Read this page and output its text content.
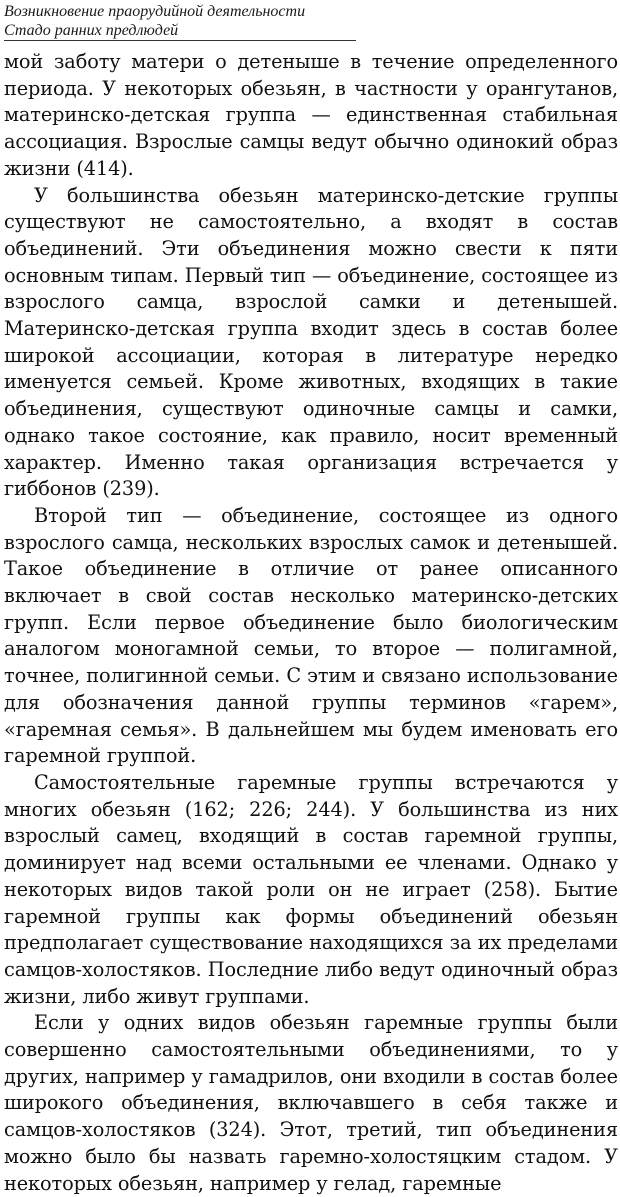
Возникновение праорудийной деятельности
Стадо ранних предлюдей

мой заботу матери о детеныше в течение определенного периода. У некоторых обезьян, в частности у орангутанов, материнско-детская группа — единственная стабильная ассоциация. Взрослые самцы ведут обычно одинокий образ жизни (414).

У большинства обезьян материнско-детские группы существуют не самостоятельно, а входят в состав объединений. Эти объединения можно свести к пяти основным типам. Первый тип — объединение, состоящее из взрослого самца, взрослой самки и детенышей. Материнско-детская группа входит здесь в состав более широкой ассоциации, которая в литературе нередко именуется семьей. Кроме животных, входящих в такие объединения, существуют одиночные самцы и самки, однако такое состояние, как правило, носит временный характер. Именно такая организация встречается у гиббонов (239).

Второй тип — объединение, состоящее из одного взрослого самца, нескольких взрослых самок и детенышей. Такое объединение в отличие от ранее описанного включает в свой состав несколько материнско-детских групп. Если первое объединение было биологическим аналогом моногамной семьи, то второе — полигамной, точнее, полигинной семьи. С этим и связано использование для обозначения данной группы терминов «гарем», «гаремная семья». В дальнейшем мы будем именовать его гаремной группой.

Самостоятельные гаремные группы встречаются у многих обезьян (162; 226; 244). У большинства из них взрослый самец, входящий в состав гаремной группы, доминирует над всеми остальными ее членами. Однако у некоторых видов такой роли он не играет (258). Бытие гаремной группы как формы объединений обезьян предполагает существование находящихся за их пределами самцов-холостяков. Последние либо ведут одиночный образ жизни, либо живут группами.

Если у одних видов обезьян гаремные группы были совершенно самостоятельными объединениями, то у других, например у гамадрилов, они входили в состав более широкого объединения, включавшего в себя также и самцов-холостяков (324). Этот, третий, тип объединения можно было бы назвать гаремно-холостяцким стадом. У некоторых обезьян, например у гелад, гаремные
